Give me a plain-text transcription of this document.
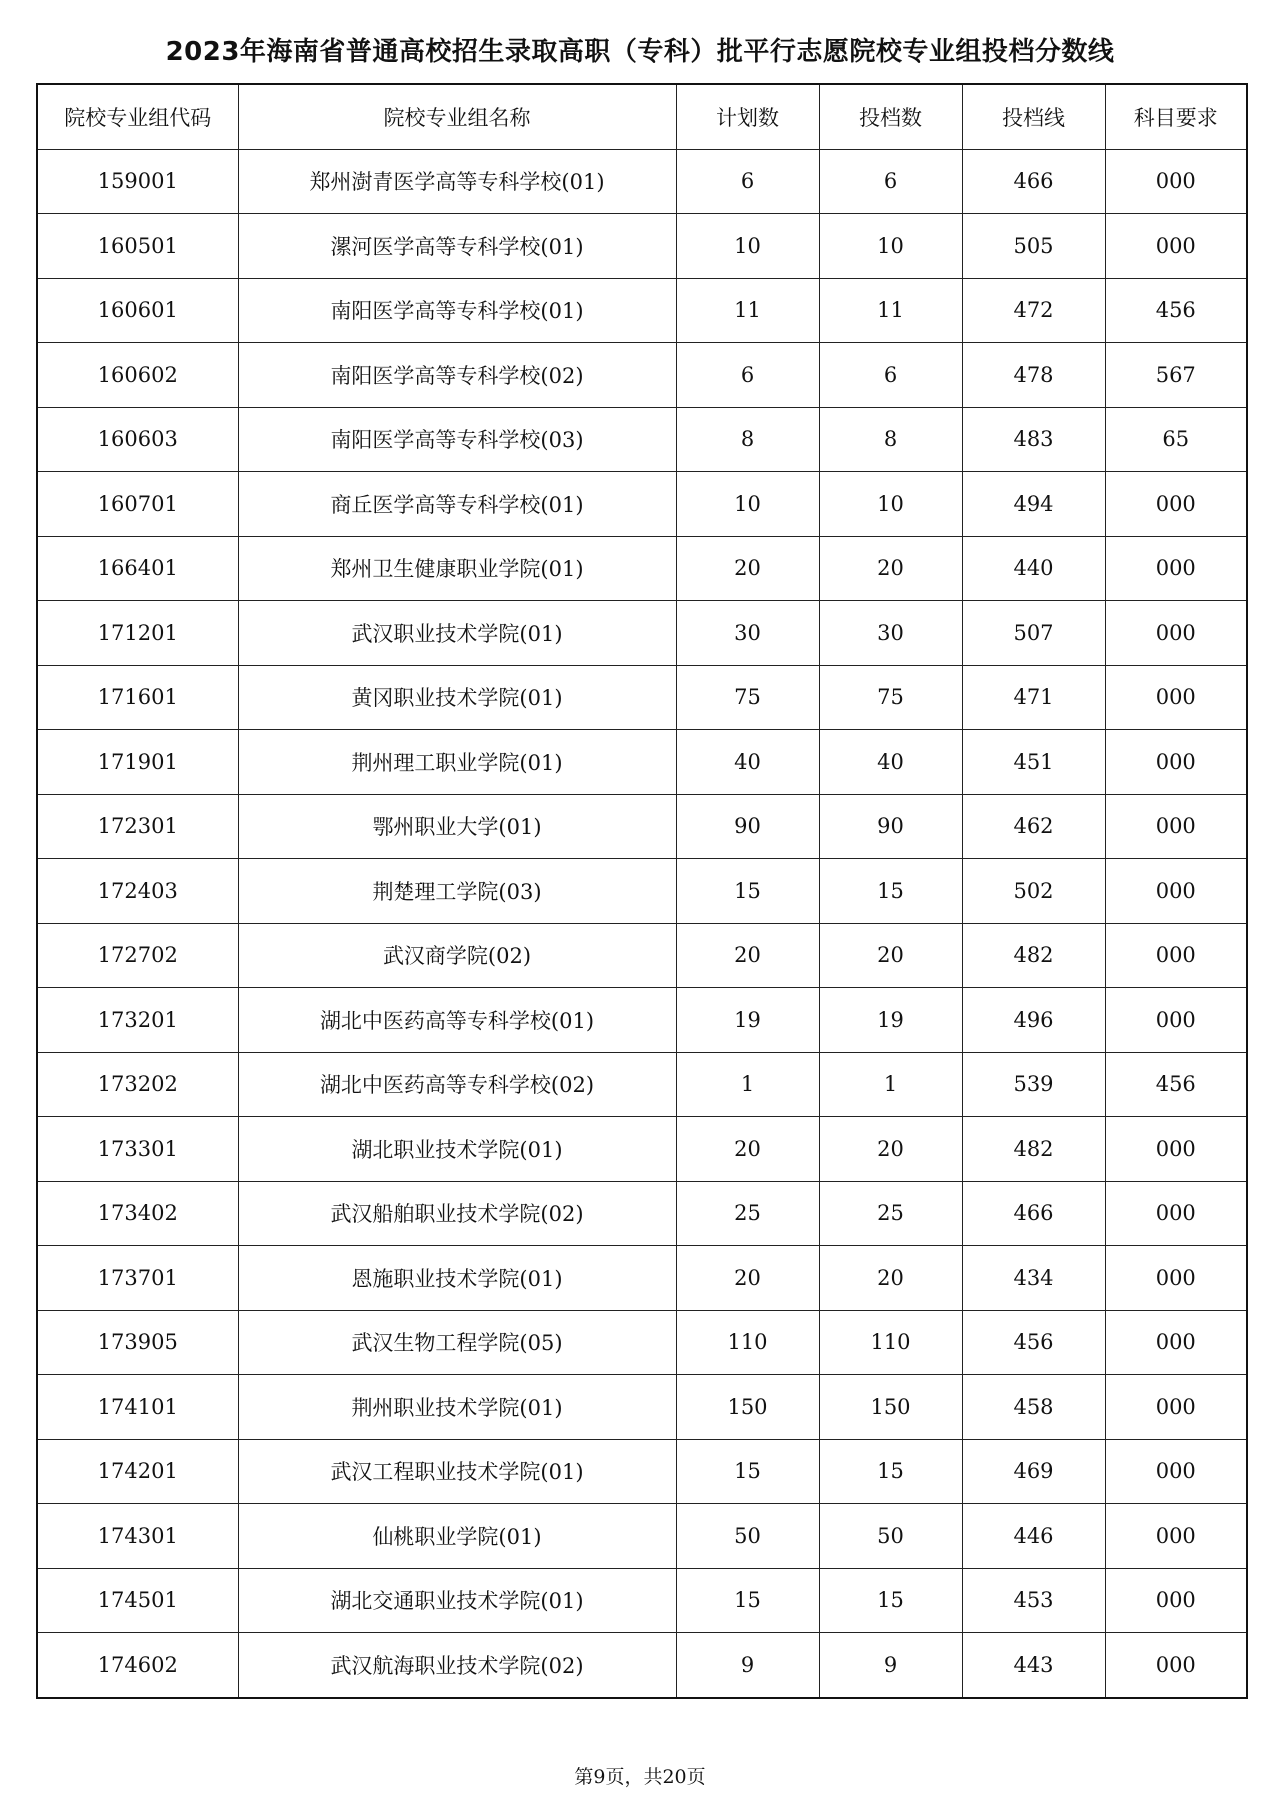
2023年海南省普通高校招生录取高职（专科）批平行志愿院校专业组投档分数线
院校专业组代码	院校专业组名称	计划数	投档数	投档线	科目要求
159001	郑州澍青医学高等专科学校(01)	6	6	466	000
160501	漯河医学高等专科学校(01)	10	10	505	000
160601	南阳医学高等专科学校(01)	11	11	472	456
160602	南阳医学高等专科学校(02)	6	6	478	567
160603	南阳医学高等专科学校(03)	8	8	483	65
160701	商丘医学高等专科学校(01)	10	10	494	000
166401	郑州卫生健康职业学院(01)	20	20	440	000
171201	武汉职业技术学院(01)	30	30	507	000
171601	黄冈职业技术学院(01)	75	75	471	000
171901	荆州理工职业学院(01)	40	40	451	000
172301	鄂州职业大学(01)	90	90	462	000
172403	荆楚理工学院(03)	15	15	502	000
172702	武汉商学院(02)	20	20	482	000
173201	湖北中医药高等专科学校(01)	19	19	496	000
173202	湖北中医药高等专科学校(02)	1	1	539	456
173301	湖北职业技术学院(01)	20	20	482	000
173402	武汉船舶职业技术学院(02)	25	25	466	000
173701	恩施职业技术学院(01)	20	20	434	000
173905	武汉生物工程学院(05)	110	110	456	000
174101	荆州职业技术学院(01)	150	150	458	000
174201	武汉工程职业技术学院(01)	15	15	469	000
174301	仙桃职业学院(01)	50	50	446	000
174501	湖北交通职业技术学院(01)	15	15	453	000
174602	武汉航海职业技术学院(02)	9	9	443	000
第9页，共20页
